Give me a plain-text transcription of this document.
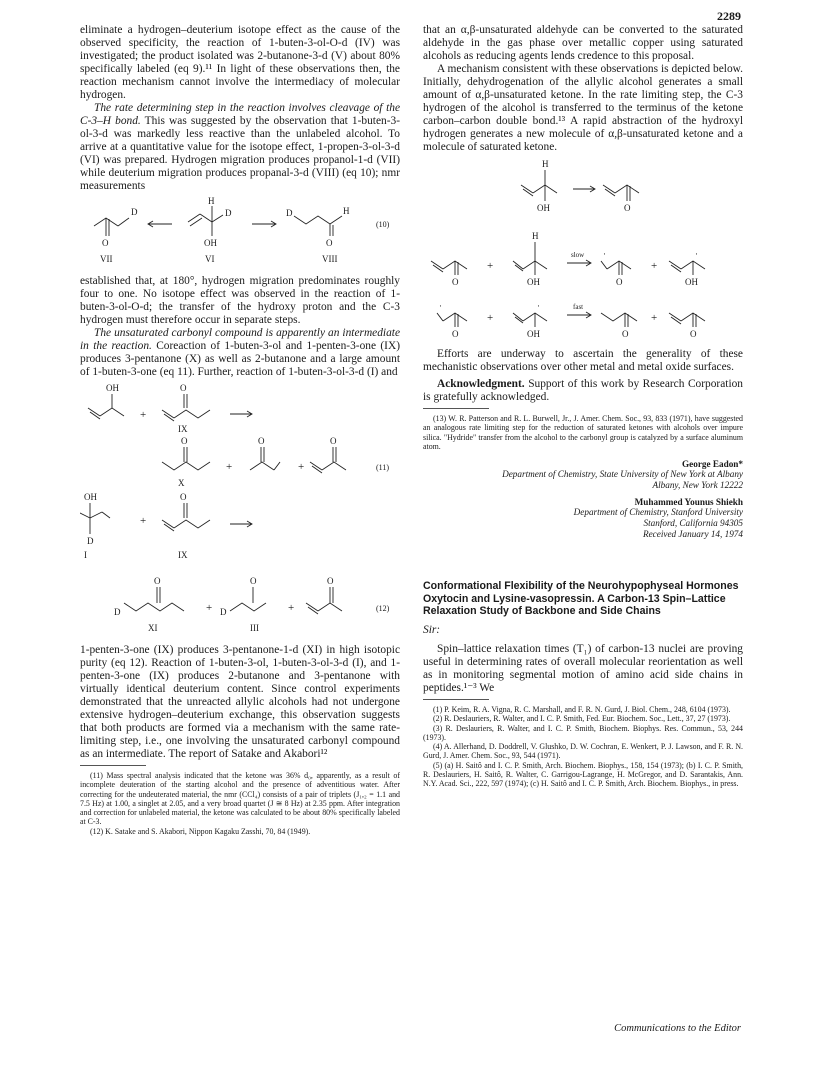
2289

eliminate a hydrogen–deuterium isotope effect as the cause of the observed specificity, the reaction of 1-buten-3-ol-O-d (IV) was investigated; the product isolated was 2-butanone-3-d (V) about 80% specifically labeled (eq 9).¹¹ In light of these observations then, the reaction mechanism cannot involve the intermediacy of molecular hydrogen.

The rate determining step in the reaction involves cleavage of the C-3–H bond. This was suggested by the observation that 1-buten-3-ol-3-d was markedly less reactive than the unlabeled alcohol. To arrive at a quantitative value for the isotope effect, 1-propen-3-ol-3-d (VI) was prepared. Hydrogen migration produces propanol-1-d (VII) while deuterium migration produces propanal-3-d (VIII) (eq 10); nmr measurements

D
O
VII
H
D
OH
VI
D	H
O
VIII
(10)

established that, at 180°, hydrogen migration predominates roughly four to one. No isotope effect was observed in the reaction of 1-buten-3-ol-O-d; the transfer of the hydroxy proton and the C-3 hydrogen must therefore occur in separate steps.

The unsaturated carbonyl compound is apparently an intermediate in the reaction. Coreaction of 1-buten-3-ol and 1-penten-3-one (IX) produces 3-pentanone (X) as well as 2-butanone and a large amount of 1-buten-3-one (eq 11). Further, reaction of 1-buten-3-ol-3-d (I) and

OH
+
O
IX
O
X
+
O
+
O
(11)
OH
D
I
+
O
IX
O
D
XI
+
O
D
III
+
O
(12)

1-penten-3-one (IX) produces 3-pentanone-1-d (XI) in high isotopic purity (eq 12). Reaction of 1-buten-3-ol, 1-buten-3-ol-3-d (I), and 1-penten-3-one (IX) produces 2-butanone and 3-pentanone with virtually identical deuterium content. Since control experiments demonstrated that the unreacted allylic alcohols had not undergone extensive hydrogen–deuterium exchange, this observation suggests that both products are formed via a mechanism with the same rate-limiting step, i.e., one involving the unsaturated carbonyl compound as an intermediate. The report of Satake and Akabori¹²

(11) Mass spectral analysis indicated that the ketone was 36% d₀, apparently, as a result of incomplete deuteration of the starting alcohol and the presence of adventitious water. After correcting for the undeuterated material, the nmr (CCl₄) consists of a pair of triplets (J₁,₂ = 1.1 and 7.5 Hz) at 1.00, a singlet at 2.05, and a very broad quartet (J ≅ 8 Hz) at 2.35 ppm. After integration and correction for unlabeled material, the ketone was calculated to be about 80% specifically labeled at C-3.

(12) K. Satake and S. Akabori, Nippon Kagaku Zasshi, 70, 84 (1949).

that an α,β-unsaturated aldehyde can be converted to the saturated aldehyde in the gas phase over metallic copper using saturated alcohols as reducing agents lends credence to this proposal.

A mechanism consistent with these observations is depicted below. Initially, dehydrogenation of the allylic alcohol generates a small amount of α,β-unsaturated ketone. In the rate limiting step, the C-3 hydrogen of the alcohol is transferred to the terminus of the ketone carbon–carbon double bond.¹³ A rapid abstraction of the hydroxyl hydrogen generates a new molecule of α,β-unsaturated ketone and a molecule of saturated ketone.

H
OH	O
O
+
H
OH
slow ·
O
+
·
OH
·
O
+
·
OH
fast
O
+
O

Efforts are underway to ascertain the generality of these mechanistic observations over other metal and metal oxide surfaces.

Acknowledgment. Support of this work by Research Corporation is gratefully acknowledged.

(13) W. R. Patterson and R. L. Burwell, Jr., J. Amer. Chem. Soc., 93, 833 (1971), have suggested an analogous rate limiting step for the reduction of saturated ketones with alcohols over impure silica. "Hydride" transfer from the alcohol to the carbonyl group is catalyzed by a surface aluminum atom.

George Eadon*

Department of Chemistry, State University of New York at Albany

Albany, New York 12222

Muhammed Younus Shiekh

Department of Chemistry, Stanford University

Stanford, California 94305

Received January 14, 1974

Conformational Flexibility of the Neurohypophyseal Hormones Oxytocin and Lysine-vasopressin. A Carbon-13 Spin–Lattice Relaxation Study of Backbone and Side Chains

Sir:

Spin–lattice relaxation times (T₁) of carbon-13 nuclei are proving useful in determining rates of overall molecular reorientation as well as in monitoring segmental motion of amino acid side chains in peptides.¹⁻³ We

(1) P. Keim, R. A. Vigna, R. C. Marshall, and F. R. N. Gurd, J. Biol. Chem., 248, 6104 (1973).

(2) R. Deslauriers, R. Walter, and I. C. P. Smith, Fed. Eur. Biochem. Soc., Lett., 37, 27 (1973).

(3) R. Deslauriers, R. Walter, and I. C. P. Smith, Biochem. Biophys. Res. Commun., 53, 244 (1973).

(4) A. Allerhand, D. Doddrell, V. Glushko, D. W. Cochran, E. Wenkert, P. J. Lawson, and F. R. N. Gurd, J. Amer. Chem. Soc., 93, 544 (1971).

(5) (a) H. Saitô and I. C. P. Smith, Arch. Biochem. Biophys., 158, 154 (1973); (b) I. C. P. Smith, R. Deslauriers, H. Saitô, R. Walter, C. Garrigou-Lagrange, H. McGregor, and D. Sarantakis, Ann. N.Y. Acad. Sci., 222, 597 (1974); (c) H. Saitô and I. C. P. Smith, Arch. Biochem. Biophys., in press.

Communications to the Editor
